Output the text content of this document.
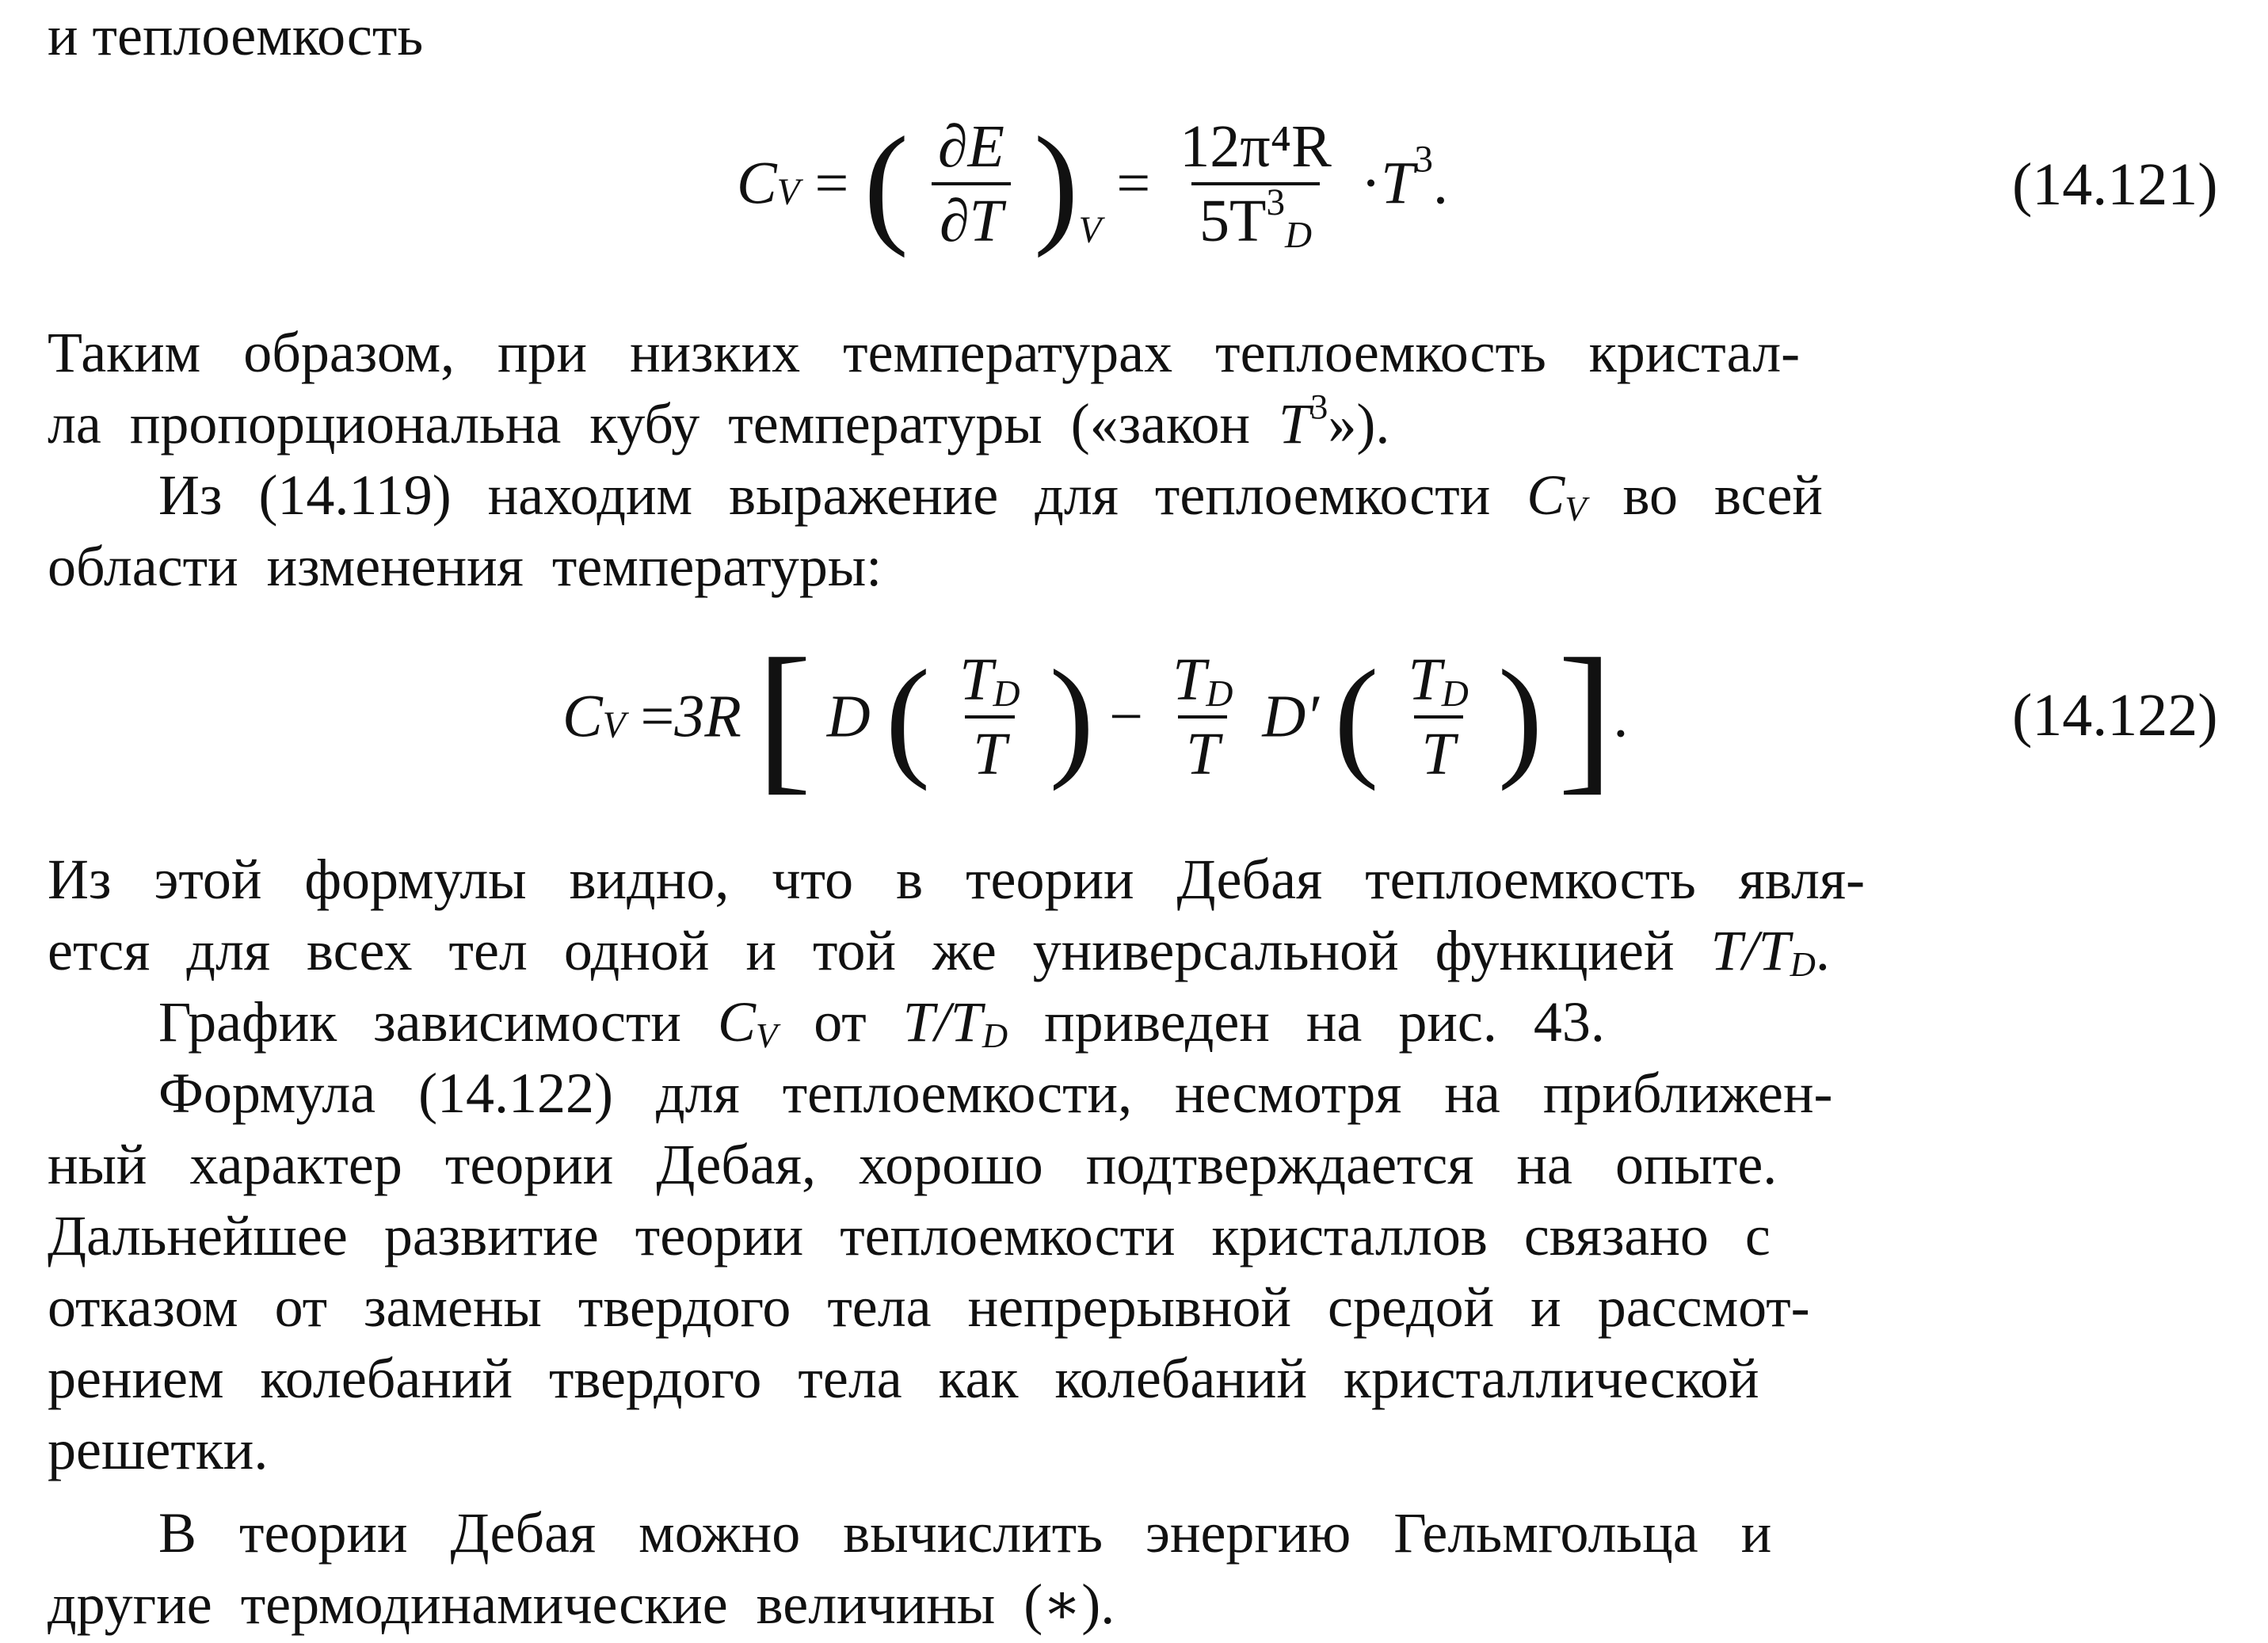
и теплоемкость
$C_V$ = ( $\frac{\partial E}{\partial T} )_V = \frac{\text{12π⁴R}}{5T^3_D} \cdot T^3$.	(14.121)
Таким образом, при низких температурах теплоемкость кристал-
ла пропорциональна кубу температуры («закон $T^3$»).
Из (14.119) находим выражение для теплоемкости $C_V$ во всей
области изменения температуры:
$C_V =3R$ [ D ( $\frac{T_D}{T}$ ) − $\frac{T_D}{T} D'$ ( $\frac{T_D}{T}$ ) ].	(14.122)
Из этой формулы видно, что в теории Дебая теплоемкость явля-
ется для всех тел одной и той же универсальной функцией $T/T_D$.
График зависимости $C_V$ от $T/T_D$ приведен на рис. 43.
Формула (14.122) для теплоемкости, несмотря на приближен-
ный характер теории Дебая, хорошо подтверждается на опыте.
Дальнейшее развитие теории теплоемкости кристаллов связано с
отказом от замены твердого тела непрерывной средой и рассмот-
рением колебаний твердого тела как колебаний кристаллической
решетки.
В теории Дебая можно вычислить энергию Гельмгольца и
другие термодинамические величины (∗).
